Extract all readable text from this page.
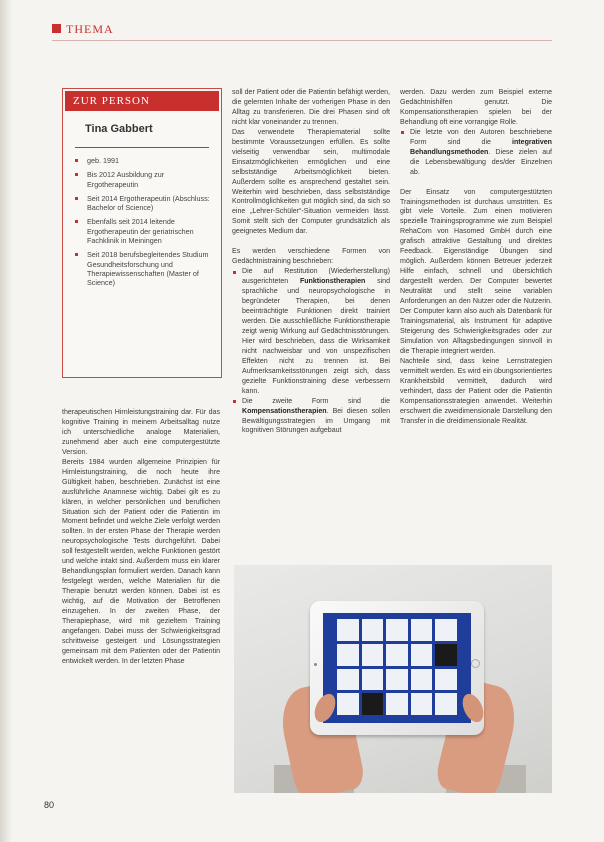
THEMA
ZUR PERSON
Tina Gabbert
geb. 1991
Bis 2012 Ausbildung zur Ergotherapeutin
Seit 2014 Ergotherapeutin (Abschluss: Bachelor of Science)
Ebenfalls seit 2014 leitende Ergotherapeutin der geriatrischen Fachklinik in Meiningen
Seit 2018 berufsbegleitendes Studium Gesundheitsforschung und Therapiewissenschaften (Master of Science)

therapeutischen Hirnleistungstraining dar. Für das kognitive Training in meinem Arbeitsalltag nutze ich unterschiedliche analoge Materialien, zunehmend aber auch eine computergestützte Version.

Bereits 1984 wurden allgemeine Prinzipien für Hirnleistungstraining, die noch heute ihre Gültigkeit haben, beschrieben. Zunächst ist eine ausführliche Anamnese wichtig. Dabei gilt es zu klären, in welcher persönlichen und beruflichen Situation sich der Patient oder die Patientin im Moment befindet und welche Ziele verfolgt werden sollten. In der ersten Phase der Therapie werden neuropsychologische Tests durchgeführt. Dabei soll festgestellt werden, welche Funktionen gestört und welche intakt sind. Außerdem muss ein klarer Behandlungsplan formuliert werden. Danach kann festgelegt werden, welche Materialien für die Therapie benutzt werden können. Dabei ist es wichtig, auf die Motivation der Betroffenen einzugehen. In der zweiten Phase, der Therapiephase, wird mit gezieltem Training angefangen. Dabei muss der Schwierigkeitsgrad schrittweise gesteigert und Lösungsstrategien gemeinsam mit dem Patienten oder der Patientin entwickelt werden. In der letzten Phase

soll der Patient oder die Patientin befähigt werden, die gelernten Inhalte der vorherigen Phase in den Alltag zu transferieren. Die drei Phasen sind oft nicht klar voneinander zu trennen.

Das verwendete Therapiematerial sollte bestimmte Voraussetzungen erfüllen. Es sollte vielseitig verwendbar sein, multimodale Einsatzmöglichkeiten ermöglichen und eine selbstständige Arbeitsmöglichkeit bieten. Außerdem sollte es ansprechend gestaltet sein. Weiterhin wird beschrieben, dass selbstständige Kontrollmöglichkeiten gut möglich sind, da sich so eine „Lehrer-Schüler“-Situation vermeiden lässt. Somit stellt sich der Computer grundsätzlich als geeignetes Medium dar.

Es werden verschiedene Formen von Gedächtnistraining beschrieben:

Die auf Restitution (Wiederherstellung) ausgerichteten Funktionstherapien sind sprachliche und neuropsychologische in begründeter Therapien, bei denen beeinträchtigte Funktionen direkt trainiert werden. Die ausschließliche Funktionstherapie zeigt wenig Wirkung auf Gedächtnisstörungen. Hier wird beschrieben, dass die Wirksamkeit nicht nachweisbar und von unspezifischen Effekten nicht zu trennen ist. Bei Aufmerksamkeitsstörungen zeigt sich, dass gezielte Funktionstraining diese verbessern kann.
Die zweite Form sind die Kompensationstherapien. Bei diesen sollen Bewältigungsstrategien im Umgang mit kognitiven Störungen aufgebaut

werden. Dazu werden zum Beispiel externe Gedächtnishilfen genutzt. Die Kompensationstherapien spielen bei der Behandlung oft eine vorrangige Rolle.

Die letzte von den Autoren beschriebene Form sind die integrativen Behandlungsmethoden. Diese zielen auf die Lebensbewältigung des/der Einzelnen ab.

Der Einsatz von computergestützten Trainingsmethoden ist durchaus umstritten. Es gibt viele Vorteile. Zum einen motivieren spezielle Trainingsprogramme wie zum Beispiel RehaCom von Hasomed GmbH durch eine grafisch attraktive Gestaltung und direktes Feedback. Eigenständige Übungen sind möglich. Außerdem können Betreuer jederzeit Hilfe einfach, schnell und übersichtlich dargestellt werden. Der Computer bewertet Neutralität und stellt seine variablen Anforderungen an den Nutzer oder die Nutzerin. Der Computer kann also auch als Datenbank für Trainingsmaterial, als Instrument für adaptive Steigerung des Schwierigkeitsgrades oder zur Simulation von Alltagsbedingungen sinnvoll in die Therapie integriert werden.

Nachteile sind, dass keine Lernstrategien vermittelt werden. Es wird ein übungsorientiertes Krankheitsbild vermittelt, dadurch wird verhindert, dass der Patient oder die Patientin Kompensationsstrategien anwendet. Weiterhin erschwert die zweidimensionale Darstellung den Transfer in die dreidimensionale Realität.

80
